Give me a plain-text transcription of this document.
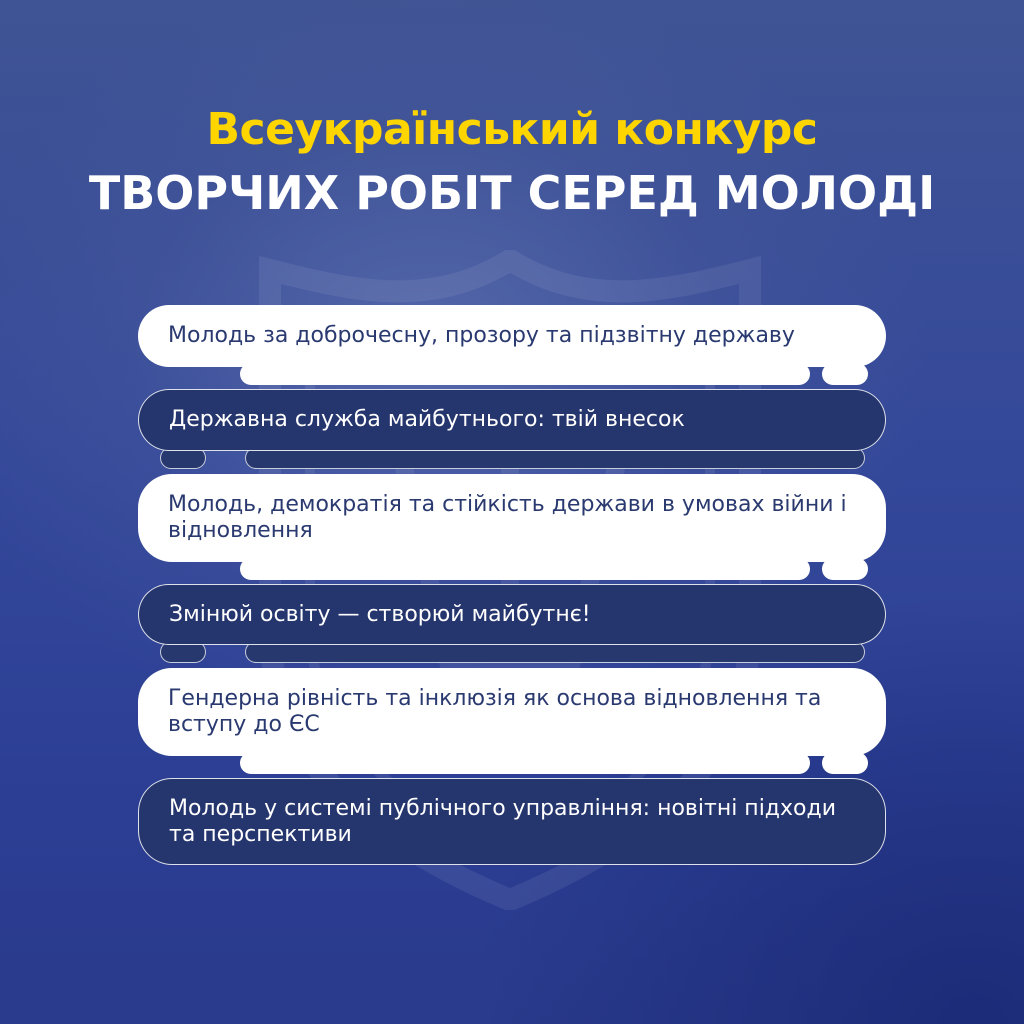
Всеукраїнський конкурс
ТВОРЧИХ РОБІТ СЕРЕД МОЛОДІ
Молодь за доброчесну, прозору та підзвітну державу
Державна служба майбутнього: твій внесок
Молодь, демократія та стійкість держави в умовах війни і відновлення
Змінюй освіту — створюй майбутнє!
Гендерна рівність та інклюзія як основа відновлення та вступу до ЄС
Молодь у системі публічного управління: новітні підходи та перспективи
